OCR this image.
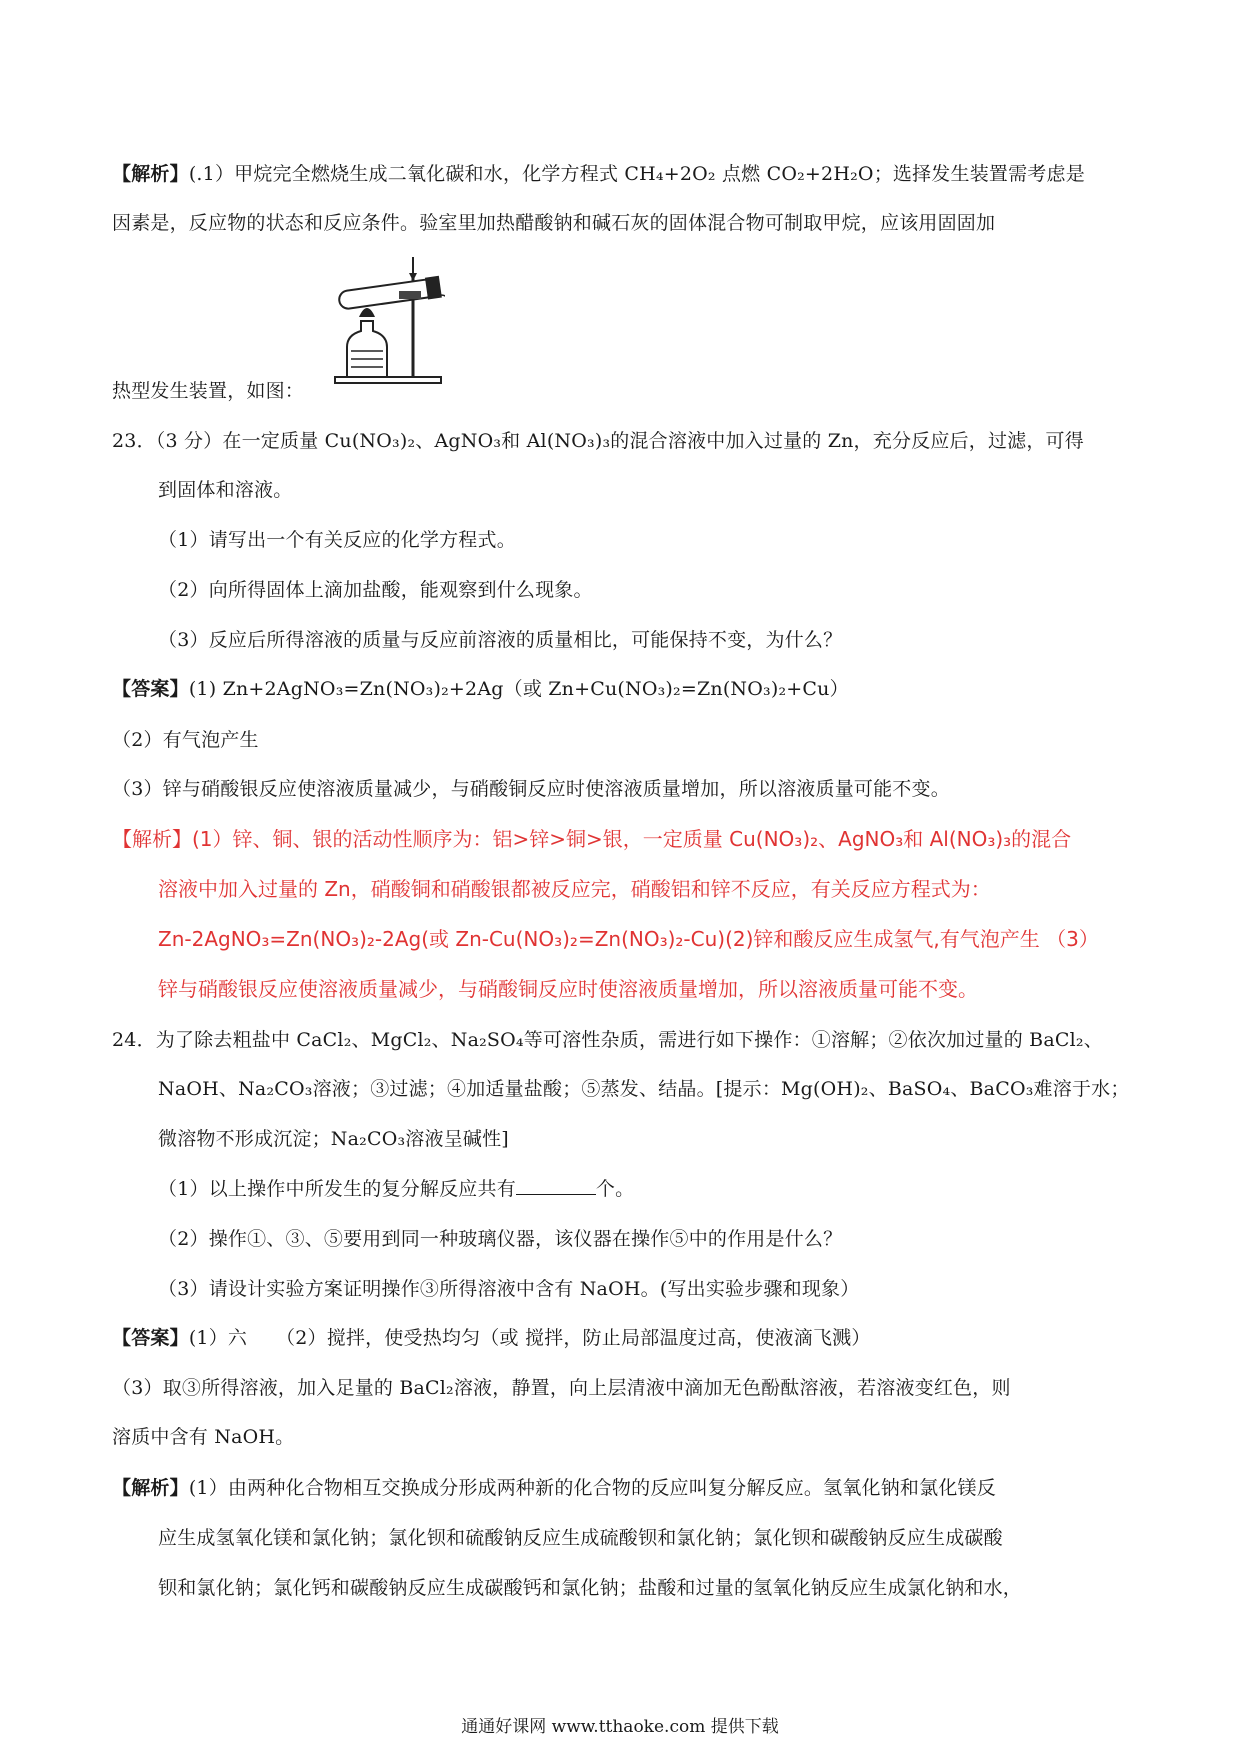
【解析】(.1）甲烷完全燃烧生成二氧化碳和水，化学方程式 CH₄+2O₂ 点燃 CO₂+2H₂O；选择发生装置需考虑是
因素是，反应物的状态和反应条件。验室里加热醋酸钠和碱石灰的固体混合物可制取甲烷，应该用固固加
热型发生装置，如图：
23．（3 分）在一定质量 Cu(NO₃)₂、AgNO₃和 Al(NO₃)₃的混合溶液中加入过量的 Zn，充分反应后，过滤，可得
到固体和溶液。
（1）请写出一个有关反应的化学方程式。
（2）向所得固体上滴加盐酸，能观察到什么现象。
（3）反应后所得溶液的质量与反应前溶液的质量相比，可能保持不变，为什么？
【答案】(1) Zn+2AgNO₃=Zn(NO₃)₂+2Ag（或 Zn+Cu(NO₃)₂=Zn(NO₃)₂+Cu）
（2）有气泡产生
（3）锌与硝酸银反应使溶液质量减少，与硝酸铜反应时使溶液质量增加，所以溶液质量可能不变。
【解析】(1）锌、铜、银的活动性顺序为：铝>锌>铜>银，一定质量 Cu(NO₃)₂、AgNO₃和 Al(NO₃)₃的混合
溶液中加入过量的 Zn，硝酸铜和硝酸银都被反应完，硝酸铝和锌不反应，有关反应方程式为：
Zn-2AgNO₃=Zn(NO₃)₂-2Ag(或 Zn-Cu(NO₃)₂=Zn(NO₃)₂-Cu)(2)锌和酸反应生成氢气,有气泡产生 （3）
锌与硝酸银反应使溶液质量减少，与硝酸铜反应时使溶液质量增加，所以溶液质量可能不变。
24．为了除去粗盐中 CaCl₂、MgCl₂、Na₂SO₄等可溶性杂质，需进行如下操作：①溶解；②依次加过量的 BaCl₂、
NaOH、Na₂CO₃溶液；③过滤；④加适量盐酸；⑤蒸发、结晶。[提示：Mg(OH)₂、BaSO₄、BaCO₃难溶于水；
微溶物不形成沉淀；Na₂CO₃溶液呈碱性]
（1）以上操作中所发生的复分解反应共有	个。
（2）操作①、③、⑤要用到同一种玻璃仪器，该仪器在操作⑤中的作用是什么？
（3）请设计实验方案证明操作③所得溶液中含有 NaOH。(写出实验步骤和现象）
【答案】(1）六　　（2）搅拌，使受热均匀（或 搅拌，防止局部温度过高，使液滴飞溅）
（3）取③所得溶液，加入足量的 BaCl₂溶液，静置，向上层清液中滴加无色酚酞溶液，若溶液变红色，则
溶质中含有 NaOH。
【解析】(1）由两种化合物相互交换成分形成两种新的化合物的反应叫复分解反应。氢氧化钠和氯化镁反
应生成氢氧化镁和氯化钠；氯化钡和硫酸钠反应生成硫酸钡和氯化钠；氯化钡和碳酸钠反应生成碳酸
钡和氯化钠；氯化钙和碳酸钠反应生成碳酸钙和氯化钠；盐酸和过量的氢氧化钠反应生成氯化钠和水，
通通好课网 www.tthaoke.com 提供下载
